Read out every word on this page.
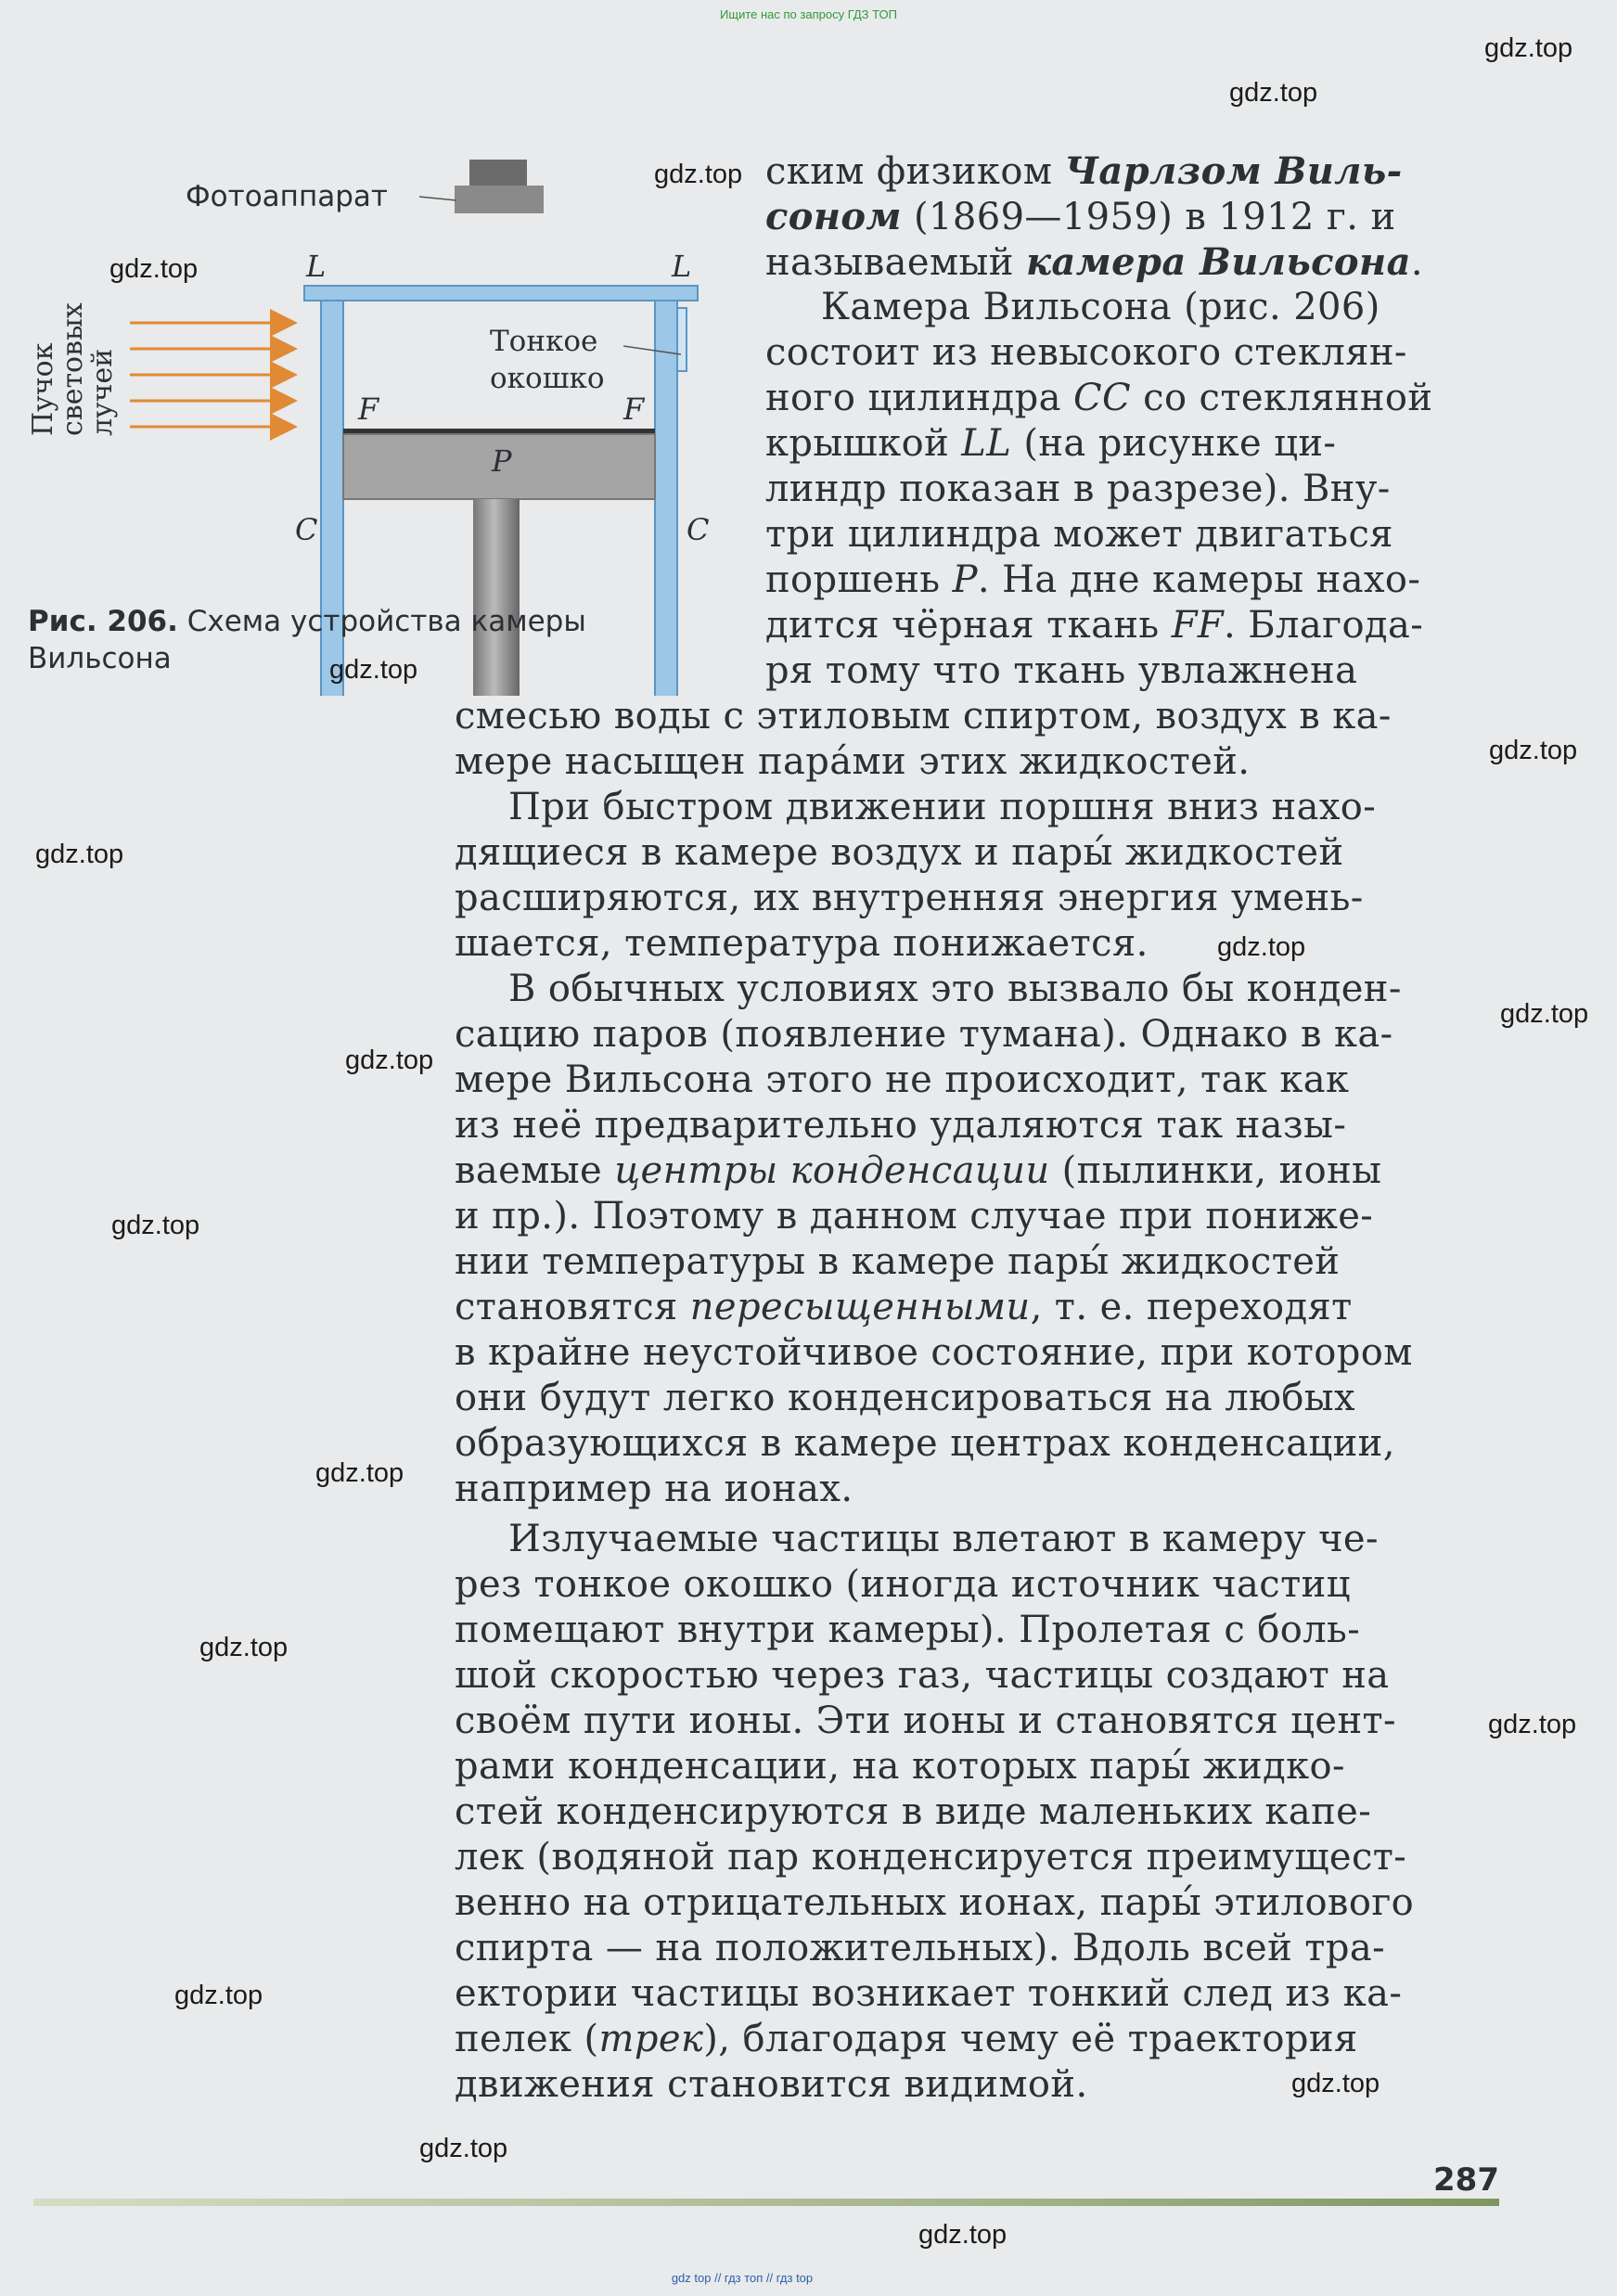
Ищите нас по запросу ГДЗ ТОП
Фотоаппарат
Пучок
световых
лучей
Тонкое
окошко
L	L
F	F
P
C	C
Рис. 206. Схема устройства камеры
Вильсона
ским физиком Чарлзом Виль-
соном (1869—1959) в 1912 г. и
называемый камера Вильсона.
Камера Вильсона (рис. 206)
состоит из невысокого стеклян-
ного цилиндра CC со стеклянной
крышкой LL (на рисунке ци-
линдр показан в разрезе). Вну-
три цилиндра может двигаться
поршень P. На дне камеры нахо-
дится чёрная ткань FF. Благода-
ря тому что ткань увлажнена
смесью воды с этиловым спиртом, воздух в ка-
мере насыщен парáми этих жидкостей.
При быстром движении поршня вниз нахо-
дящиеся в камере воздух и пары́ жидкостей
расширяются, их внутренняя энергия умень-
шается, температура понижается.
В обычных условиях это вызвало бы конден-
сацию паров (появление тумана). Однако в ка-
мере Вильсона этого не происходит, так как
из неё предварительно удаляются так назы-
ваемые центры конденсации (пылинки, ионы
и пр.). Поэтому в данном случае при пониже-
нии температуры в камере пары́ жидкостей
становятся пересыщенными, т. е. переходят
в крайне неустойчивое состояние, при котором
они будут легко конденсироваться на любых
образующихся в камере центрах конденсации,
например на ионах.
Излучаемые частицы влетают в камеру че-
рез тонкое окошко (иногда источник частиц
помещают внутри камеры). Пролетая с боль-
шой скоростью через газ, частицы создают на
своём пути ионы. Эти ионы и становятся цент-
рами конденсации, на которых пары́ жидко-
стей конденсируются в виде маленьких капе-
лек (водяной пар конденсируется преимущест-
венно на отрицательных ионах, пары́ этилового
спирта — на положительных). Вдоль всей тра-
ектории частицы возникает тонкий след из ка-
пелек (трек), благодаря чему её траектория
движения становится видимой.
gdz.top
gdz.top
gdz.top
gdz.top
gdz.top
gdz.top
gdz.top
gdz.top
gdz.top
gdz.top
gdz.top
gdz.top
gdz.top
gdz.top
gdz.top
gdz.top
gdz.top
gdz.top
287
gdz top // гдз топ // гдз top
